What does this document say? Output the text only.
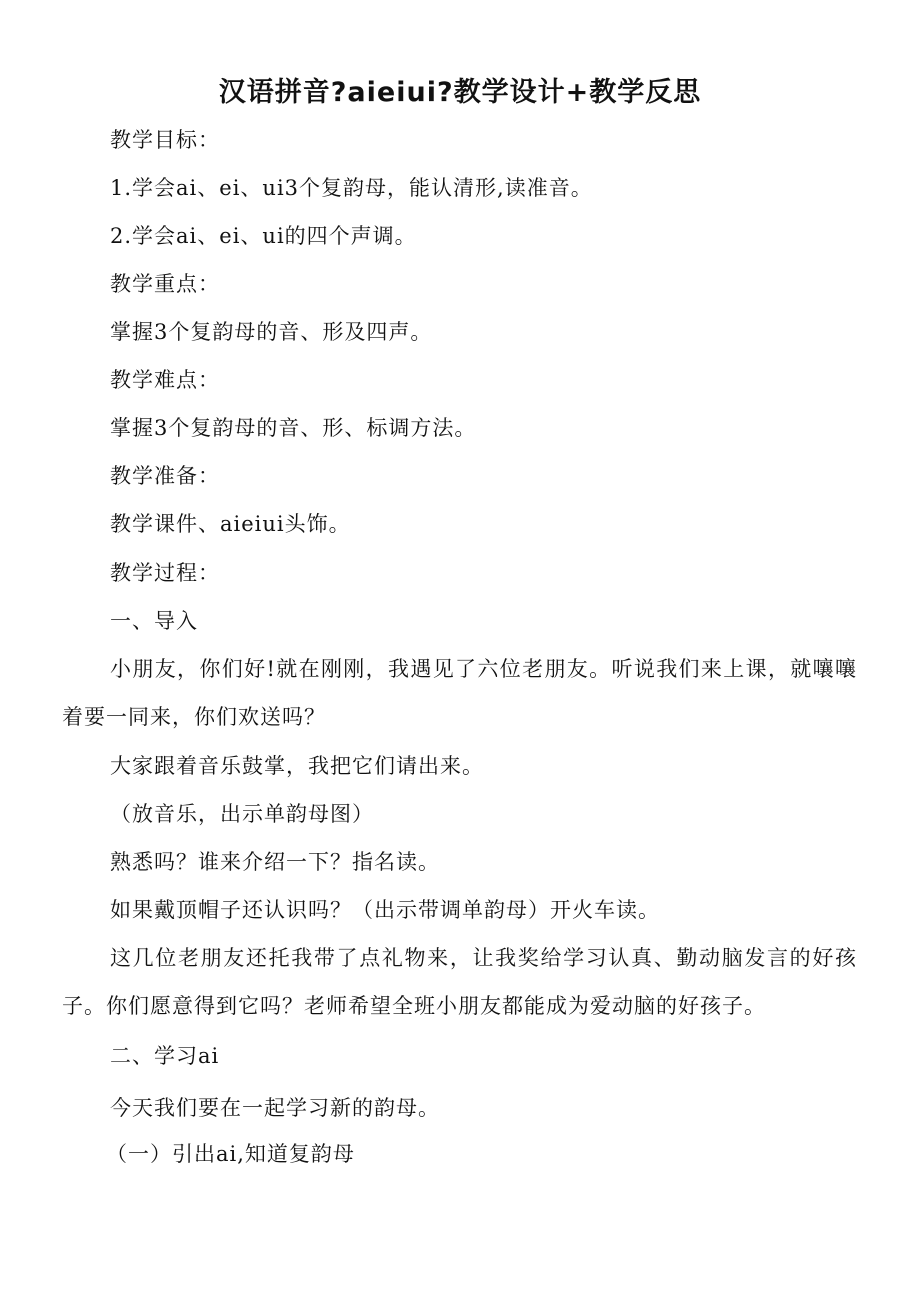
汉语拼音?aieiui?教学设计+教学反思
教学目标：
1.学会ai、ei、ui3个复韵母，能认清形,读准音。
2.学会ai、ei、ui的四个声调。
教学重点：
掌握3个复韵母的音、形及四声。
教学难点：
掌握3个复韵母的音、形、标调方法。
教学准备：
教学课件、aieiui头饰。
教学过程：
一、导入
小朋友，你们好!就在刚刚，我遇见了六位老朋友。听说我们来上课，就嚷嚷着要一同来，你们欢送吗？
大家跟着音乐鼓掌，我把它们请出来。
（放音乐，出示单韵母图）
熟悉吗？谁来介绍一下？指名读。
如果戴顶帽子还认识吗？（出示带调单韵母）开火车读。
这几位老朋友还托我带了点礼物来，让我奖给学习认真、勤动脑发言的好孩子。你们愿意得到它吗？老师希望全班小朋友都能成为爱动脑的好孩子。
二、学习ai
今天我们要在一起学习新的韵母。
（一）引出ai,知道复韵母
